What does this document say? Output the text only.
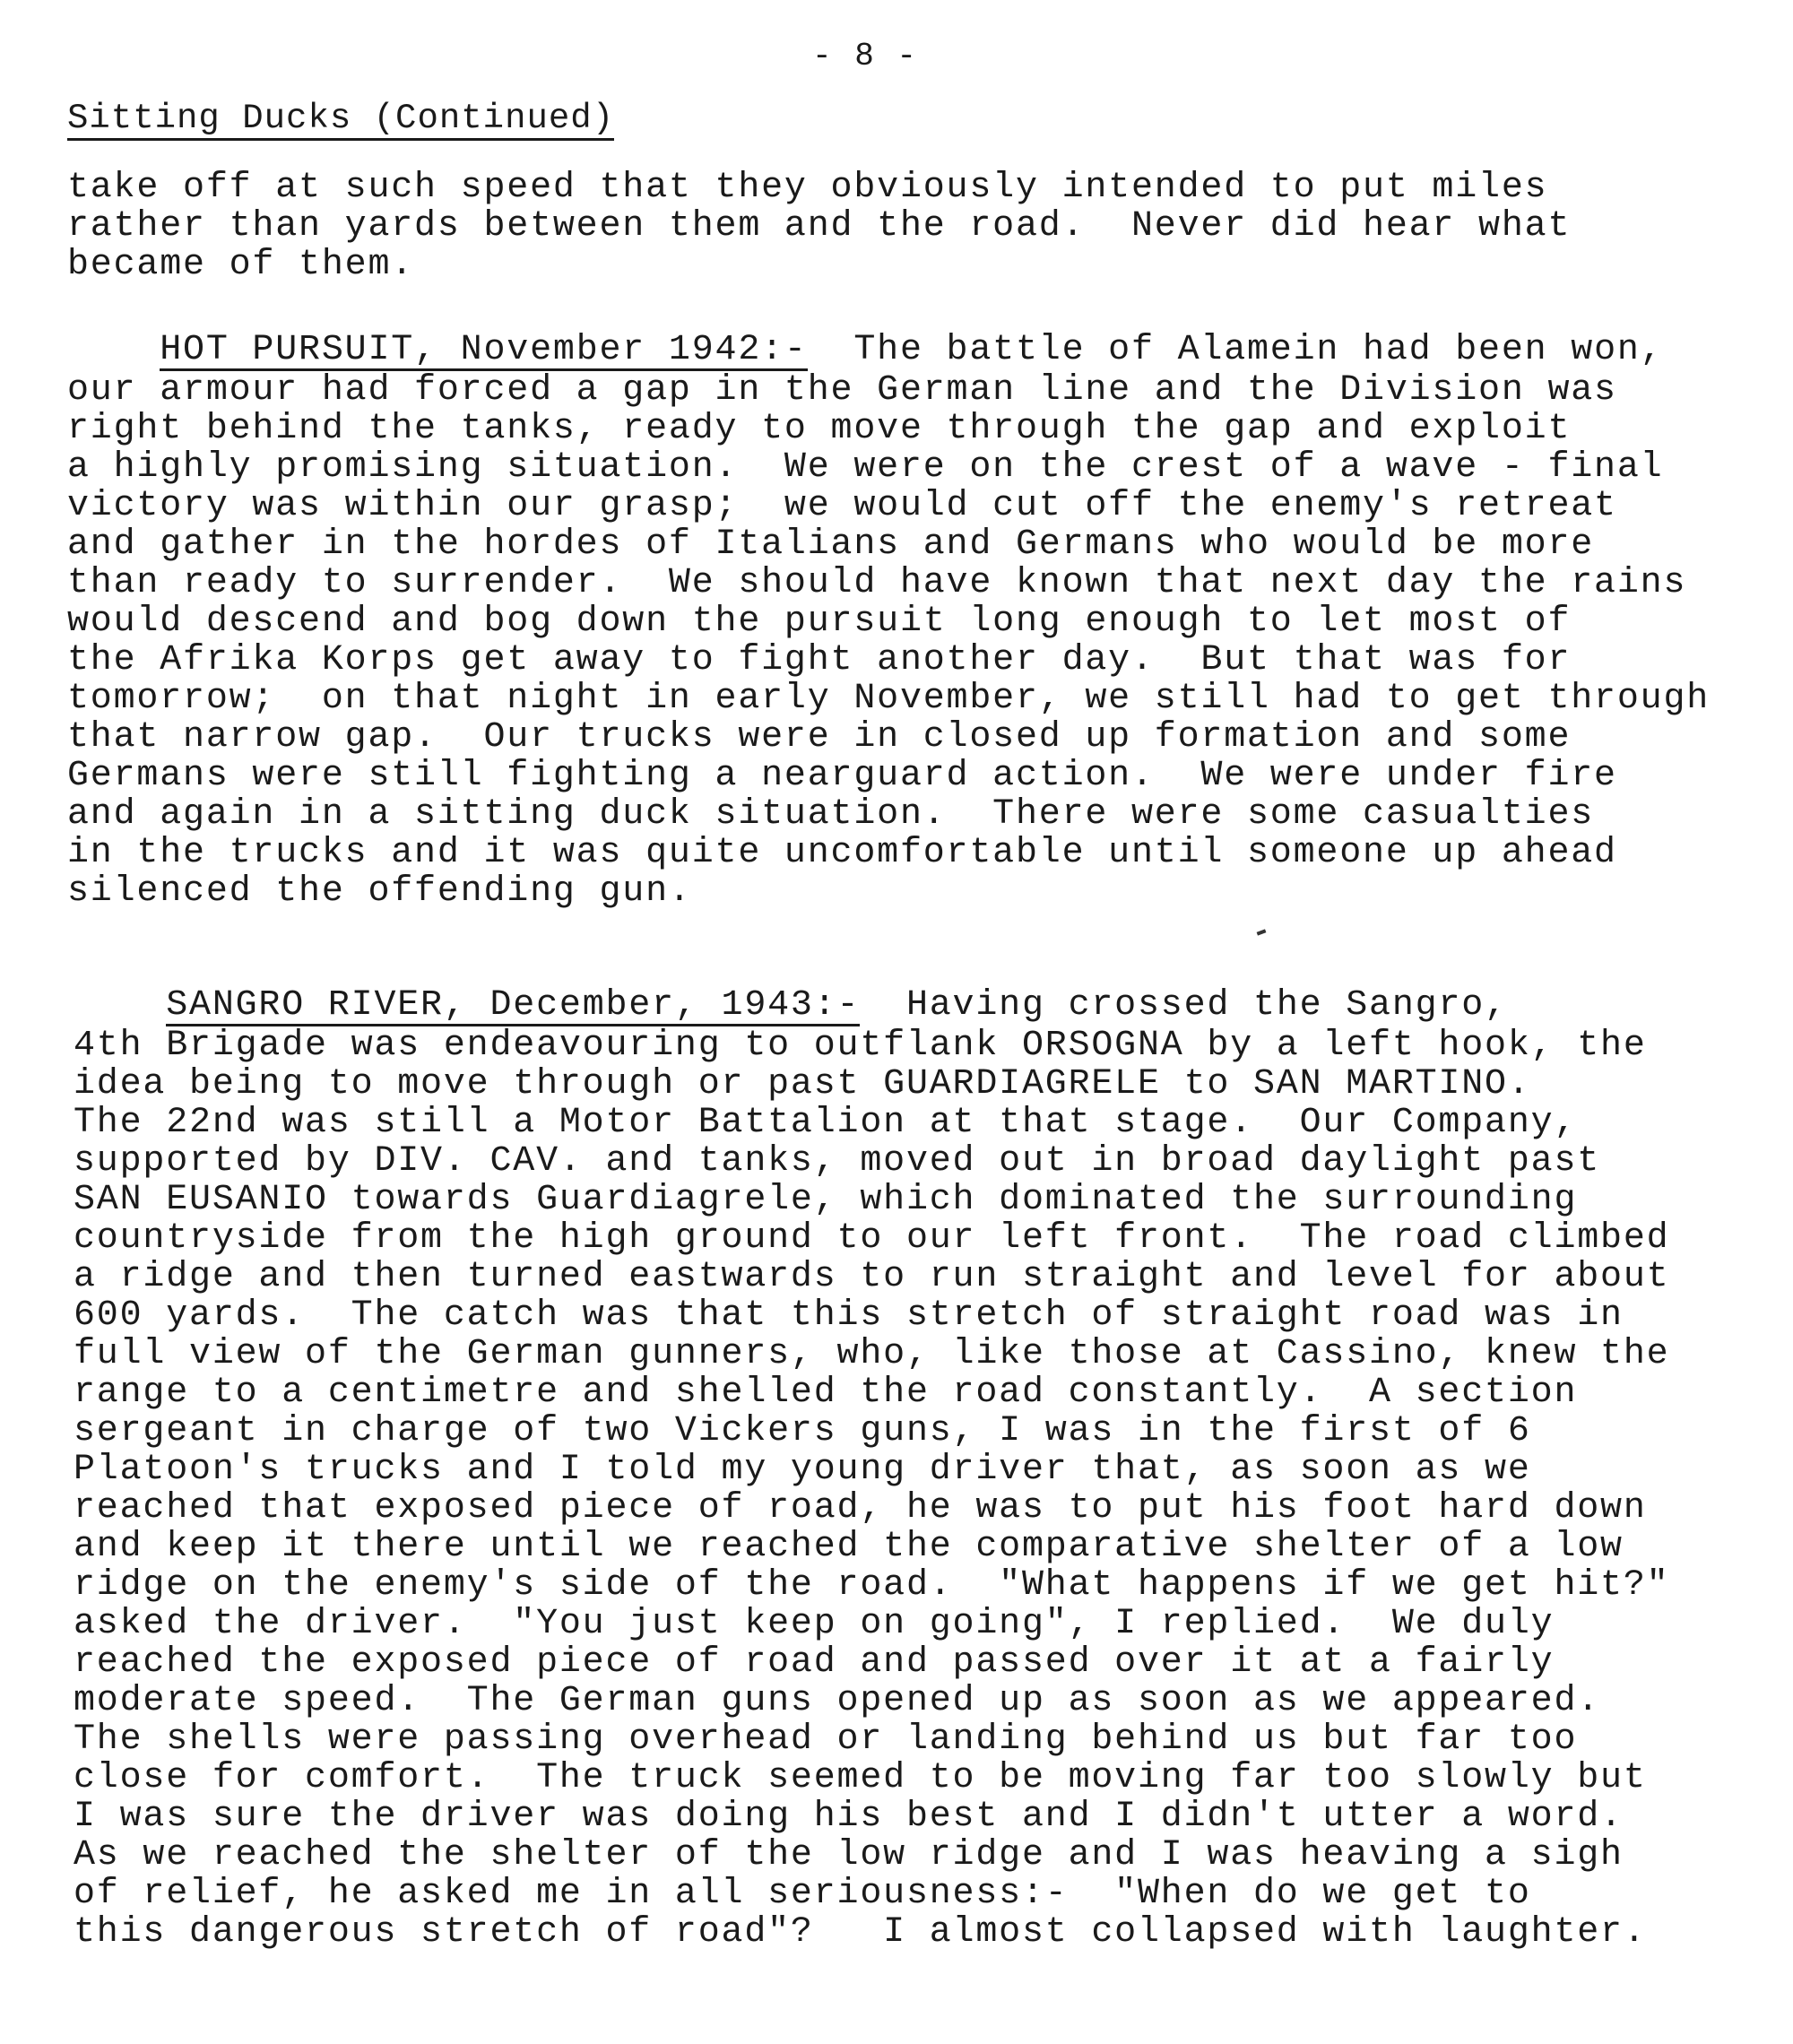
- 8 -
Sitting Ducks (Continued)
take off at such speed that they obviously intended to put miles
rather than yards between them and the road.  Never did hear what
became of them.
HOT PURSUIT, November 1942:-  The battle of Alamein had been won,
our armour had forced a gap in the German line and the Division was
right behind the tanks, ready to move through the gap and exploit
a highly promising situation.  We were on the crest of a wave - final
victory was within our grasp;  we would cut off the enemy's retreat
and gather in the hordes of Italians and Germans who would be more
than ready to surrender.  We should have known that next day the rains
would descend and bog down the pursuit long enough to let most of
the Afrika Korps get away to fight another day.  But that was for
tomorrow;  on that night in early November, we still had to get through
that narrow gap.  Our trucks were in closed up formation and some
Germans were still fighting a nearguard action.  We were under fire
and again in a sitting duck situation.  There were some casualties
in the trucks and it was quite uncomfortable until someone up ahead
silenced the offending gun.
SANGRO RIVER, December, 1943:-  Having crossed the Sangro,
4th Brigade was endeavouring to outflank ORSOGNA by a left hook, the
idea being to move through or past GUARDIAGRELE to SAN MARTINO.
The 22nd was still a Motor Battalion at that stage.  Our Company,
supported by DIV. CAV. and tanks, moved out in broad daylight past
SAN EUSANIO towards Guardiagrele, which dominated the surrounding
countryside from the high ground to our left front.  The road climbed
a ridge and then turned eastwards to run straight and level for about
600 yards.  The catch was that this stretch of straight road was in
full view of the German gunners, who, like those at Cassino, knew the
range to a centimetre and shelled the road constantly.  A section
sergeant in charge of two Vickers guns, I was in the first of 6
Platoon's trucks and I told my young driver that, as soon as we
reached that exposed piece of road, he was to put his foot hard down
and keep it there until we reached the comparative shelter of a low
ridge on the enemy's side of the road.  "What happens if we get hit?"
asked the driver.  "You just keep on going", I replied.  We duly
reached the exposed piece of road and passed over it at a fairly
moderate speed.  The German guns opened up as soon as we appeared.
The shells were passing overhead or landing behind us but far too
close for comfort.  The truck seemed to be moving far too slowly but
I was sure the driver was doing his best and I didn't utter a word.
As we reached the shelter of the low ridge and I was heaving a sigh
of relief, he asked me in all seriousness:-  "When do we get to
this dangerous stretch of road"?   I almost collapsed with laughter.
